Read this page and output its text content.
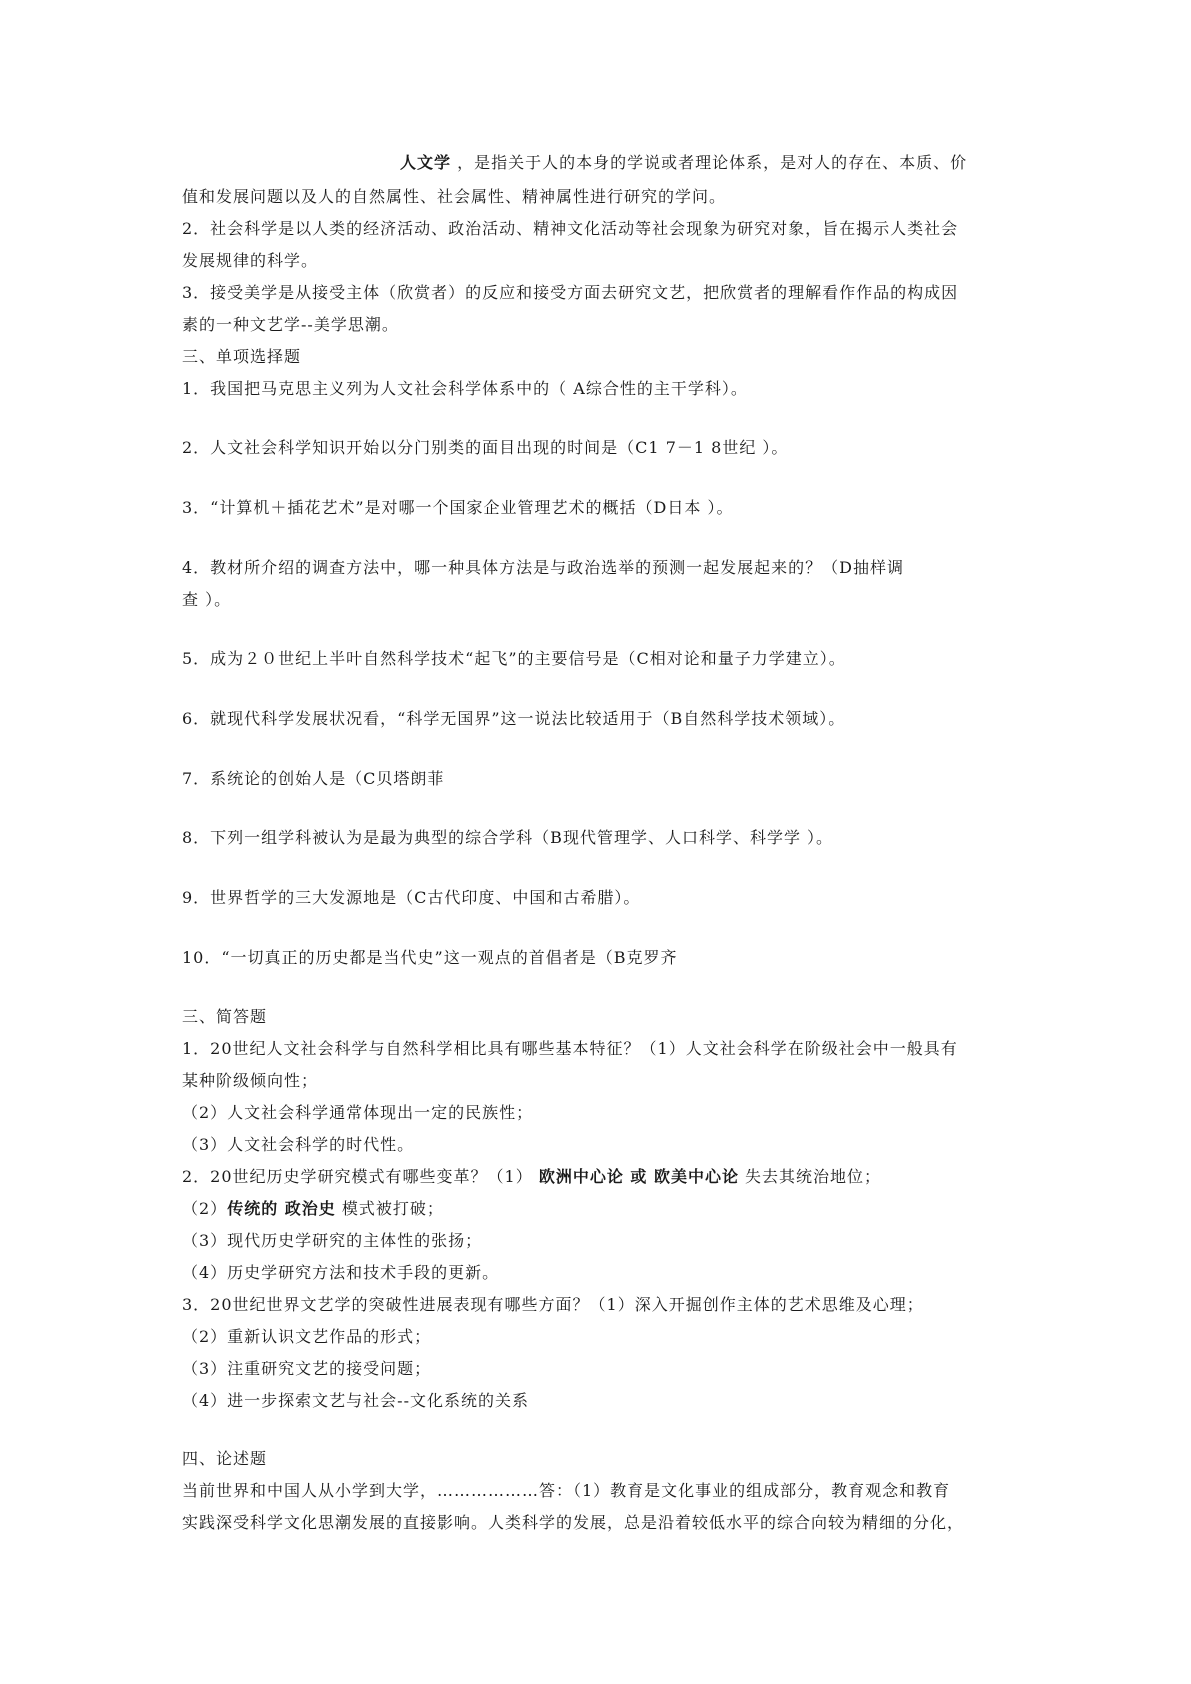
人文学 ，是指关于人的本身的学说或者理论体系，是对人的存在、本质、价
值和发展问题以及人的自然属性、社会属性、精神属性进行研究的学问。
2．社会科学是以人类的经济活动、政治活动、精神文化活动等社会现象为研究对象，旨在揭示人类社会
发展规律的科学。
3．接受美学是从接受主体（欣赏者）的反应和接受方面去研究文艺，把欣赏者的理解看作作品的构成因
素的一种文艺学--美学思潮。
三、单项选择题
1．我国把马克思主义列为人文社会科学体系中的（ A综合性的主干学科）。
2．人文社会科学知识开始以分门别类的面目出现的时间是（C1 7－1 8世纪 ）。
3．“计算机＋插花艺术”是对哪一个国家企业管理艺术的概括（D日本 ）。
4．教材所介绍的调查方法中，哪一种具体方法是与政治选举的预测一起发展起来的？（D抽样调
查 ）。
5．成为２０世纪上半叶自然科学技术“起飞”的主要信号是（C相对论和量子力学建立）。
6．就现代科学发展状况看，“科学无国界”这一说法比较适用于（B自然科学技术领域）。
7．系统论的创始人是（C贝塔朗菲
8．下列一组学科被认为是最为典型的综合学科（B现代管理学、人口科学、科学学 ）。
9．世界哲学的三大发源地是（C古代印度、中国和古希腊）。
10．“一切真正的历史都是当代史”这一观点的首倡者是（B克罗齐
三、简答题
1．20世纪人文社会科学与自然科学相比具有哪些基本特征？（1）人文社会科学在阶级社会中一般具有
某种阶级倾向性；
（2）人文社会科学通常体现出一定的民族性；
（3）人文社会科学的时代性。
2．20世纪历史学研究模式有哪些变革？（1） 欧洲中心论 或 欧美中心论 失去其统治地位；
（2）传统的 政治史 模式被打破；
（3）现代历史学研究的主体性的张扬；
（4）历史学研究方法和技术手段的更新。
3．20世纪世界文艺学的突破性进展表现有哪些方面？（1）深入开掘创作主体的艺术思维及心理；
（2）重新认识文艺作品的形式；
（3）注重研究文艺的接受问题；
（4）进一步探索文艺与社会--文化系统的关系
四、论述题
当前世界和中国人从小学到大学，………………答：（1）教育是文化事业的组成部分，教育观念和教育
实践深受科学文化思潮发展的直接影响。人类科学的发展，总是沿着较低水平的综合向较为精细的分化，
